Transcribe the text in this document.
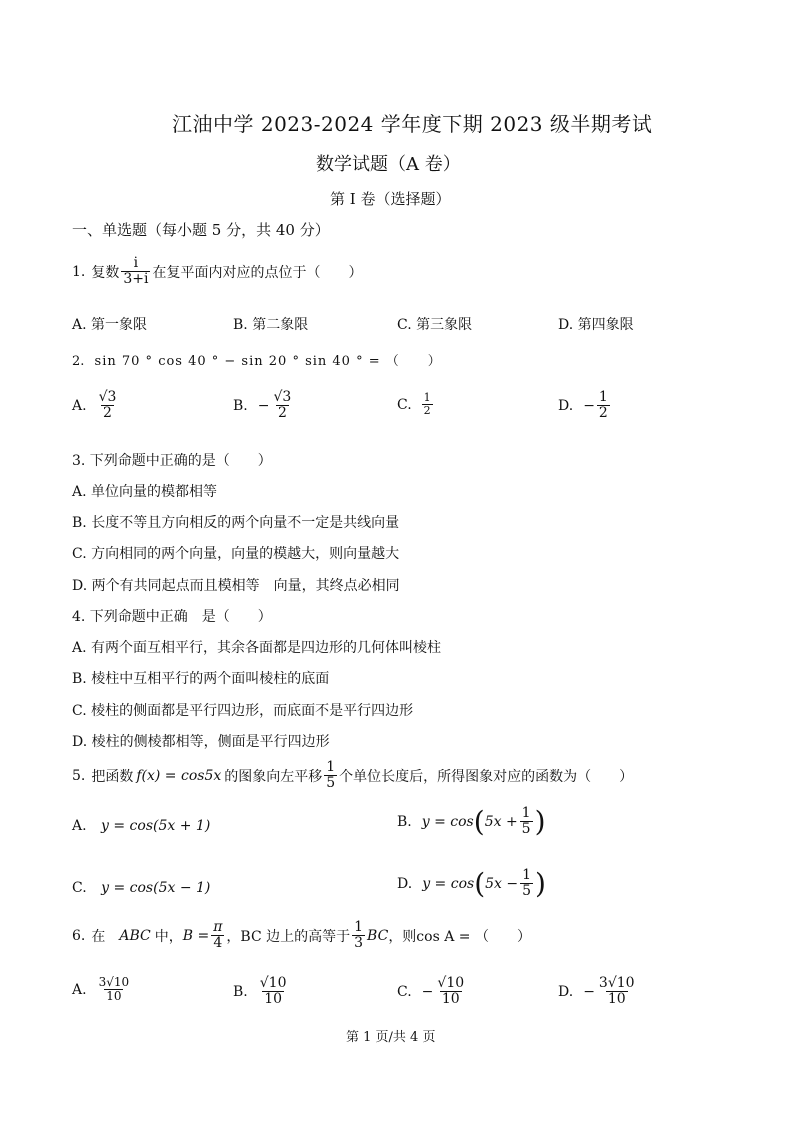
江油中学 2023-2024 学年度下期 2023 级半期考试
数学试题（A 卷）
第 I 卷（选择题）
一、单选题（每小题 5 分，共 40 分）
1. 复数 $\frac{i}{3+i}$ 在复平面内对应的点位于（　　）
A. 第一象限	B. 第二象限	C. 第三象限	D. 第四象限
2. sin 70 ° cos 40 ° − sin 20 ° sin 40 ° = （　　）
A. $\frac{√3}{2}$	B. − $\frac{√3}{2}$	C. $\frac{1}{2}$	D. − $\frac{1}{2}$
3. 下列命题中正确的是（　　）
A. 单位向量的模都相等
B. 长度不等且方向相反的两个向量不一定是共线向量
C. 方向相同的两个向量，向量的模越大，则向量越大
D. 两个有共同起点而且模相等　向量，其终点必相同
4. 下列命题中正确　是（　　）
A. 有两个面互相平行，其余各面都是四边形的几何体叫棱柱
B. 棱柱中互相平行的两个面叫棱柱的底面
C. 棱柱的侧面都是平行四边形，而底面不是平行四边形
D. 棱柱的侧棱都相等，侧面是平行四边形
5. 把函数 f(x) = cos5x 的图象向左平移 $\frac{1}{5}$ 个单位长度后，所得图象对应的函数为（　　）
A. y = cos(5x + 1)	B. y = cos ( $5x + \frac{1}{5}$ )
C. y = cos(5x − 1)	D. y = cos ( $5x - \frac{1}{5}$ )
6. 在 ABC 中， $B = \frac{\pi}{4}$ ，BC 边上的高等于 $\frac{1}{3}$ BC ，则cos A = （　　）
A. $\frac{3√10}{10}$	B. $\frac{√10}{10}$	C. − $\frac{√10}{10}$	D. − $\frac{3√10}{10}$
第 1 页/共 4 页
